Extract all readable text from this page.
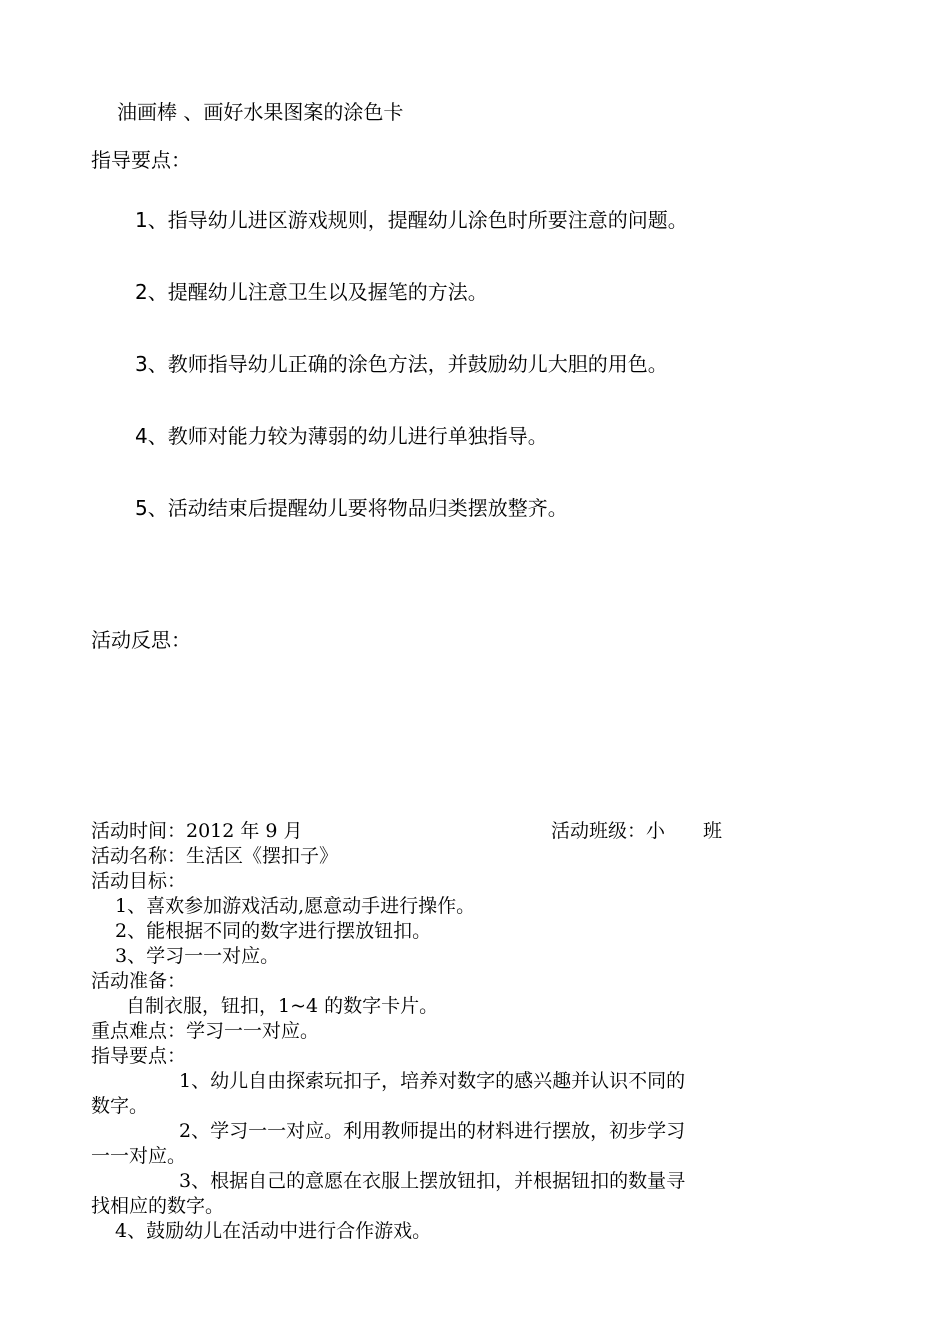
油画棒 、画好水果图案的涂色卡
指导要点：
1、指导幼儿进区游戏规则，提醒幼儿涂色时所要注意的问题。
2、提醒幼儿注意卫生以及握笔的方法。
3、教师指导幼儿正确的涂色方法，并鼓励幼儿大胆的用色。
4、教师对能力较为薄弱的幼儿进行单独指导。
5、活动结束后提醒幼儿要将物品归类摆放整齐。
活动反思：
活动时间：2012 年 9 月	活动班级：小　　班
活动名称：生活区《摆扣子》
活动目标：
1、喜欢参加游戏活动,愿意动手进行操作。
2、能根据不同的数字进行摆放钮扣。
3、学习一一对应。
活动准备：
自制衣服，钮扣，1~4 的数字卡片。
重点难点：学习一一对应。
指导要点：
1、幼儿自由探索玩扣子，培养对数字的感兴趣并认识不同的
数字。
2、学习一一对应。利用教师提出的材料进行摆放，初步学习
一一对应。
3、根据自己的意愿在衣服上摆放钮扣，并根据钮扣的数量寻
找相应的数字。
4、鼓励幼儿在活动中进行合作游戏。
